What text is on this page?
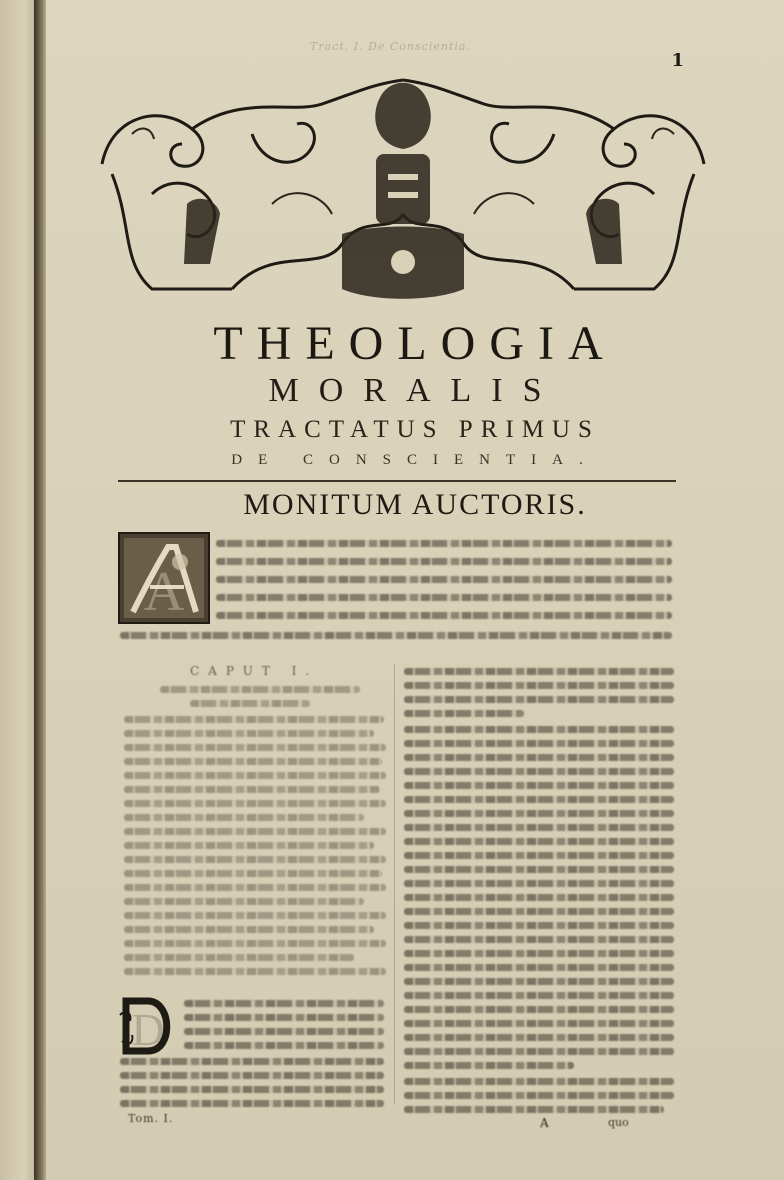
Tract. I. De Conscientia.
1
THEOLOGIA
MORALIS
TRACTATUS PRIMUS
DE CONSCIENTIA.
MONITUM AUCTORIS.
A
CAPUT I.
D
Tom. I.	A	quo
